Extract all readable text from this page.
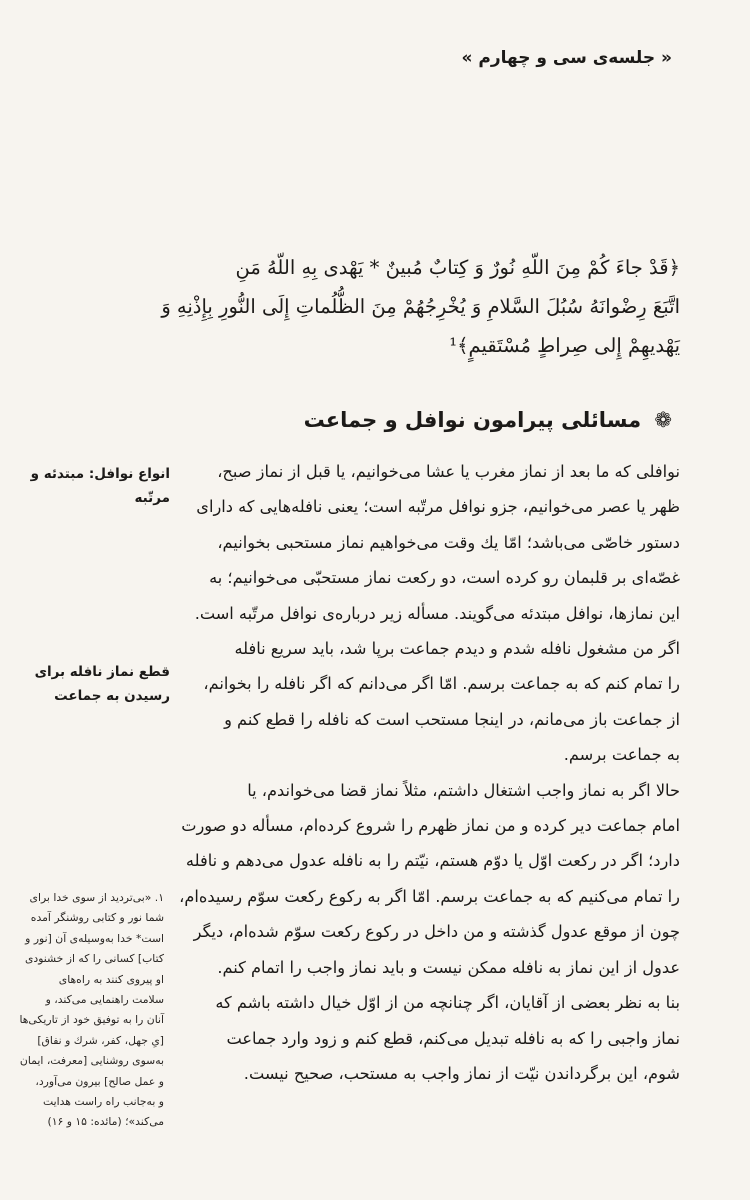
« جلسه‌ی سی و چهارم »
﴿قَدْ جاءَ كُمْ مِنَ اللّهِ نُورٌ وَ كِتابٌ مُبينٌ * يَهْدى بِهِ اللّهُ مَنِ
اتَّبَعَ رِضْوانَهُ سُبُلَ السَّلامِ وَ يُخْرِجُهُمْ مِنَ الظُّلُماتِ إِلَى النُّورِ بِإِذْنِهِ وَ
يَهْديهِمْ إِلى صِراطٍ مُسْتَقيمٍ﴾¹
❁ مسائلی پیرامون نوافل و جماعت
انواع نوافل: مبتدئه و مرتّبه
قطع نماز نافله برای
رسیدن به جماعت

نوافلی که ما بعد از نماز مغرب یا عشا می‌خوانیم، یا قبل از نماز صبح،
ظهر یا عصر می‌خوانیم، جزو نوافل مرتّبه است؛ یعنی نافله‌هایی که دارای
دستور خاصّی می‌باشد؛ امّا یك وقت می‌خواهیم نماز مستحبی بخوانیم،
غصّه‌ای بر قلبمان رو کرده است، دو رکعت نماز مستحبّی می‌خوانیم؛ به
این نمازها، نوافل مبتدئه می‌گویند. مسأله زیر درباره‌ی نوافل مرتّبه است.

اگر من مشغول نافله شدم و دیدم جماعت برپا شد، باید سریع نافله
را تمام کنم که به جماعت برسم. امّا اگر می‌دانم که اگر نافله را بخوانم،
از جماعت باز می‌مانم، در اینجا مستحب است که نافله را قطع کنم و
به جماعت برسم.

حالا اگر به نماز واجب اشتغال داشتم، مثلاً نماز قضا می‌خواندم، یا
امام جماعت دیر کرده و من نماز ظهرم را شروع کرده‌ام، مسأله دو صورت
دارد؛ اگر در رکعت اوّل یا دوّم هستم، نیّتم را به نافله عدول می‌دهم و نافله
را تمام می‌کنیم که به جماعت برسم. امّا اگر به رکوع رکعت سوّم رسیده‌ام،
چون از موقع عدول گذشته و من داخل در رکوع رکعت سوّم شده‌ام، دیگر
عدول از این نماز به نافله ممکن نیست و باید نماز واجب را اتمام کنم.

بنا به نظر بعضی از آقایان، اگر چنانچه من از اوّل خیال داشته باشم که
نماز واجبی را که به نافله تبدیل می‌کنم، قطع کنم و زود وارد جماعت
شوم، این برگرداندن نیّت از نماز واجب به مستحب، صحیح نیست.

۱. «بی‌تردید از سوی خدا برای
شما نور و کتابی روشنگر آمده
است* خدا به‌وسیله‌ی آن [نور و
کتاب] کسانی را که از خشنودی
او پیروی کنند به راه‌های
سلامت راهنمایی می‌کند، و
آنان را به توفیق خود از تاریکی‌ها
[یِ جهل، کفر، شرك و نفاق]
به‌سوی روشنایی [معرفت، ایمان
و عمل صالح] بیرون می‌آورد،
و به‌جانب راه راست هدایت
می‌کند»؛ (مائده: ۱۵ و ۱۶)
